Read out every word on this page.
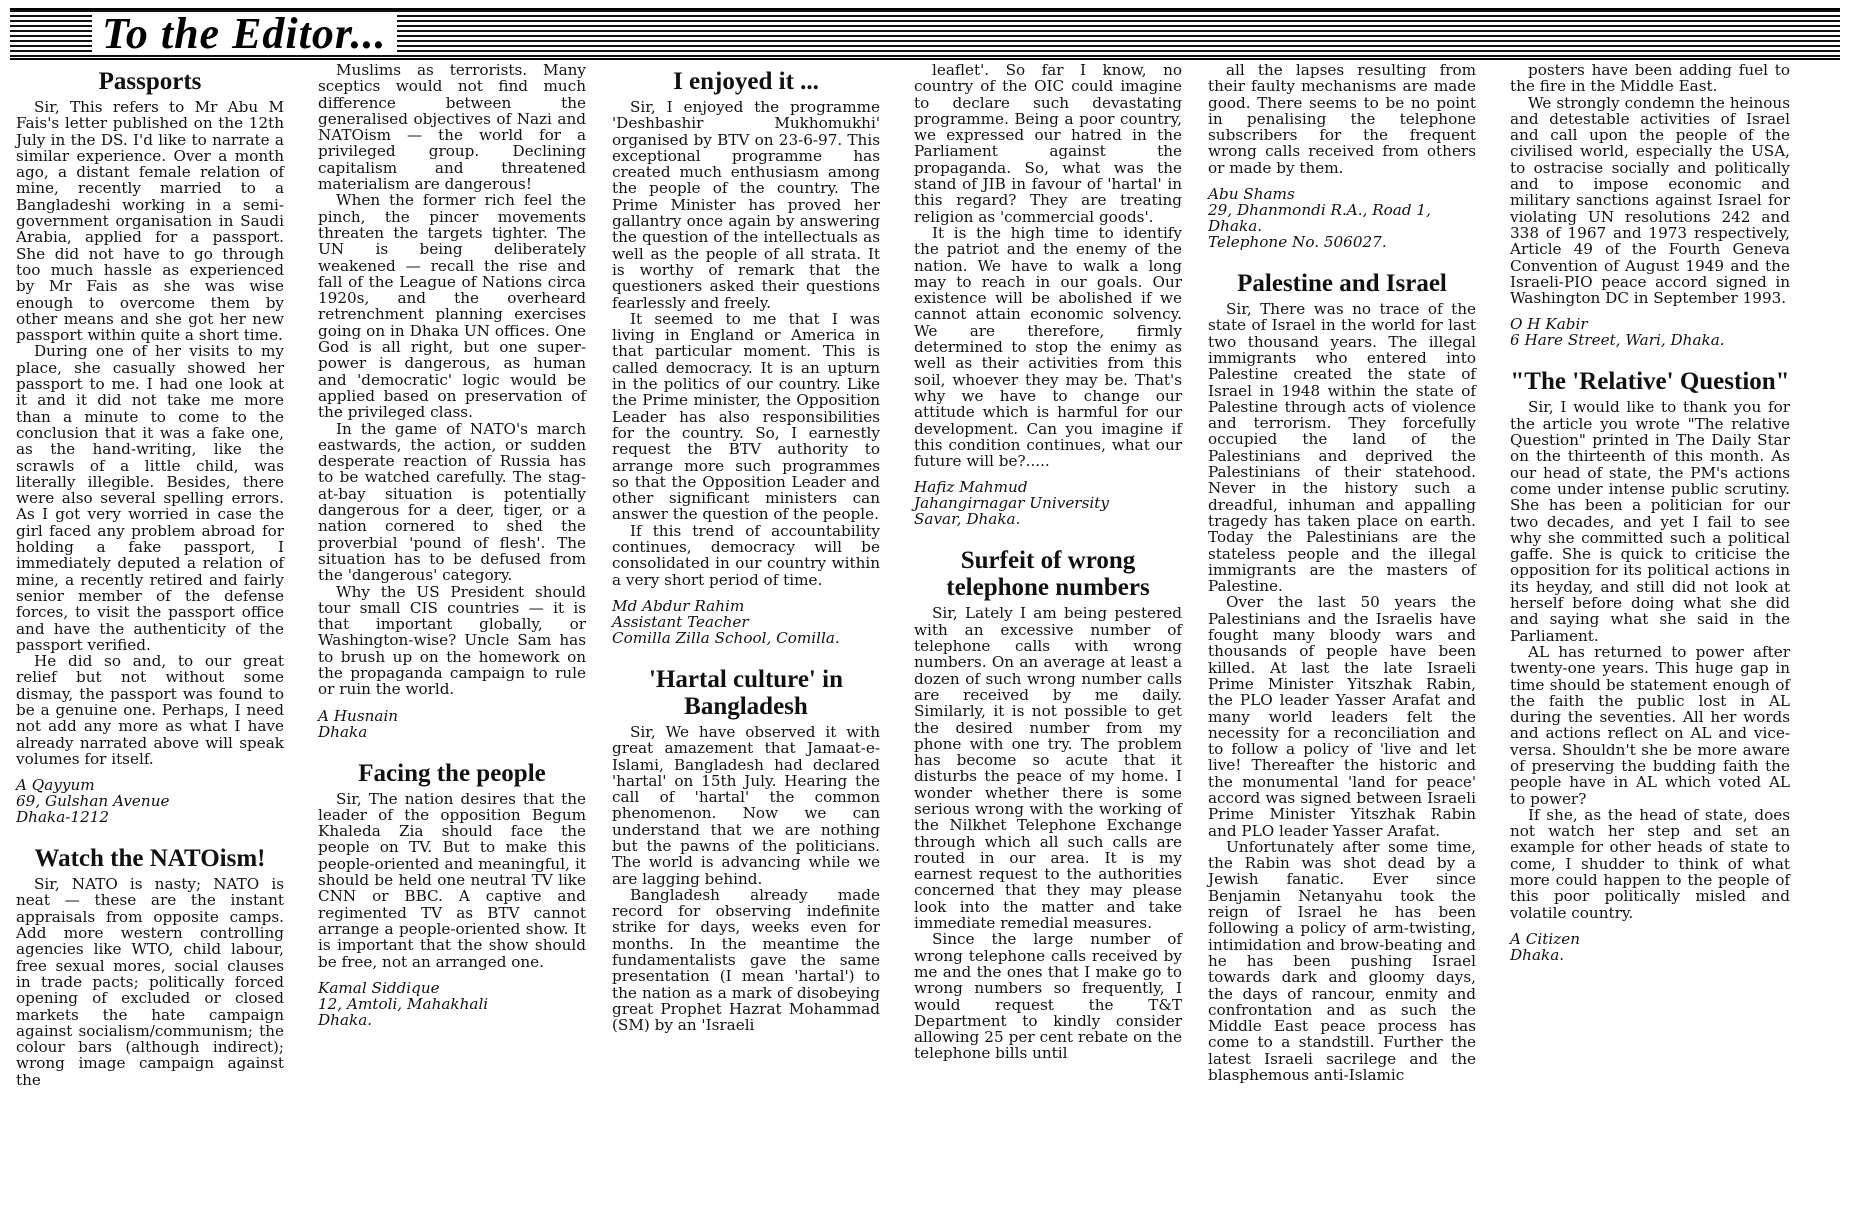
To the Editor...
Passports

Sir, This refers to Mr Abu M Fais's letter published on the 12th July in the DS. I'd like to narrate a similar experience. Over a month ago, a distant female relation of mine, recently married to a Bangladeshi working in a semi-government organisation in Saudi Arabia, applied for a passport. She did not have to go through too much hassle as experienced by Mr Fais as she was wise enough to overcome them by other means and she got her new passport within quite a short time.

During one of her visits to my place, she casually showed her passport to me. I had one look at it and it did not take me more than a minute to come to the conclusion that it was a fake one, as the hand-writing, like the scrawls of a little child, was literally illegible. Besides, there were also several spelling errors. As I got very worried in case the girl faced any problem abroad for holding a fake passport, I immediately deputed a relation of mine, a recently retired and fairly senior member of the defense forces, to visit the passport office and have the authenticity of the passport verified.

He did so and, to our great relief but not without some dismay, the passport was found to be a genuine one. Perhaps, I need not add any more as what I have already narrated above will speak volumes for itself.

A Qayyum
69, Gulshan Avenue
Dhaka-1212
Watch the NATOism!

Sir, NATO is nasty; NATO is neat — these are the instant appraisals from opposite camps. Add more western controlling agencies like WTO, child labour, free sexual mores, social clauses in trade pacts; politically forced opening of excluded or closed markets the hate campaign against socialism/communism; the colour bars (although indirect); wrong image campaign against the

Muslims as terrorists. Many sceptics would not find much difference between the generalised objectives of Nazi and NATOism — the world for a privileged group. Declining capitalism and threatened materialism are dangerous!

When the former rich feel the pinch, the pincer movements threaten the targets tighter. The UN is being deliberately weakened — recall the rise and fall of the League of Nations circa 1920s, and the overheard retrenchment planning exercises going on in Dhaka UN offices. One God is all right, but one super-power is dangerous, as human and 'democratic' logic would be applied based on preservation of the privileged class.

In the game of NATO's march eastwards, the action, or sudden desperate reaction of Russia has to be watched carefully. The stag-at-bay situation is potentially dangerous for a deer, tiger, or a nation cornered to shed the proverbial 'pound of flesh'. The situation has to be defused from the 'dangerous' category.

Why the US President should tour small CIS countries — it is that important globally, or Washington-wise? Uncle Sam has to brush up on the homework on the propaganda campaign to rule or ruin the world.

A Husnain
Dhaka
Facing the people

Sir, The nation desires that the leader of the opposition Begum Khaleda Zia should face the people on TV. But to make this people-oriented and meaningful, it should be held one neutral TV like CNN or BBC. A captive and regimented TV as BTV cannot arrange a people-oriented show. It is important that the show should be free, not an arranged one.

Kamal Siddique
12, Amtoli, Mahakhali
Dhaka.
I enjoyed it ...

Sir, I enjoyed the programme 'Deshbashir Mukhomukhi' organised by BTV on 23-6-97. This exceptional programme has created much enthusiasm among the people of the country. The Prime Minister has proved her gallantry once again by answering the question of the intellectuals as well as the people of all strata. It is worthy of remark that the questioners asked their questions fearlessly and freely.

It seemed to me that I was living in England or America in that particular moment. This is called democracy. It is an upturn in the politics of our country. Like the Prime minister, the Opposition Leader has also responsibilities for the country. So, I earnestly request the BTV authority to arrange more such programmes so that the Opposition Leader and other significant ministers can answer the question of the people.

If this trend of accountability continues, democracy will be consolidated in our country within a very short period of time.

Md Abdur Rahim
Assistant Teacher
Comilla Zilla School, Comilla.
'Hartal culture' in Bangladesh

Sir, We have observed it with great amazement that Jamaat-e-Islami, Bangladesh had declared 'hartal' on 15th July. Hearing the call of 'hartal' the common phenomenon. Now we can understand that we are nothing but the pawns of the politicians. The world is advancing while we are lagging behind.

Bangladesh already made record for observing indefinite strike for days, weeks even for months. In the meantime the fundamentalists gave the same presentation (I mean 'hartal') to the nation as a mark of disobeying great Prophet Hazrat Mohammad (SM) by an 'Israeli

leaflet'. So far I know, no country of the OIC could imagine to declare such devastating programme. Being a poor country, we expressed our hatred in the Parliament against the propaganda. So, what was the stand of JIB in favour of 'hartal' in this regard? They are treating religion as 'commercial goods'.

It is the high time to identify the patriot and the enemy of the nation. We have to walk a long may to reach in our goals. Our existence will be abolished if we cannot attain economic solvency. We are therefore, firmly determined to stop the enimy as well as their activities from this soil, whoever they may be. That's why we have to change our attitude which is harmful for our development. Can you imagine if this condition continues, what our future will be?.....

Hafiz Mahmud
Jahangirnagar University
Savar, Dhaka.
Surfeit of wrong telephone numbers

Sir, Lately I am being pestered with an excessive number of telephone calls with wrong numbers. On an average at least a dozen of such wrong number calls are received by me daily. Similarly, it is not possible to get the desired number from my phone with one try. The problem has become so acute that it disturbs the peace of my home. I wonder whether there is some serious wrong with the working of the Nilkhet Telephone Exchange through which all such calls are routed in our area. It is my earnest request to the authorities concerned that they may please look into the matter and take immediate remedial measures.

Since the large number of wrong telephone calls received by me and the ones that I make go to wrong numbers so frequently, I would request the T&T Department to kindly consider allowing 25 per cent rebate on the telephone bills until

all the lapses resulting from their faulty mechanisms are made good. There seems to be no point in penalising the telephone subscribers for the frequent wrong calls received from others or made by them.

Abu Shams
29, Dhanmondi R.A., Road 1,
Dhaka.
Telephone No. 506027.
Palestine and Israel

Sir, There was no trace of the state of Israel in the world for last two thousand years. The illegal immigrants who entered into Palestine created the state of Israel in 1948 within the state of Palestine through acts of violence and terrorism. They forcefully occupied the land of the Palestinians and deprived the Palestinians of their statehood. Never in the history such a dreadful, inhuman and appalling tragedy has taken place on earth. Today the Palestinians are the stateless people and the illegal immigrants are the masters of Palestine.

Over the last 50 years the Palestinians and the Israelis have fought many bloody wars and thousands of people have been killed. At last the late Israeli Prime Minister Yitszhak Rabin, the PLO leader Yasser Arafat and many world leaders felt the necessity for a reconciliation and to follow a policy of 'live and let live! Thereafter the historic and the monumental 'land for peace' accord was signed between Israeli Prime Minister Yitszhak Rabin and PLO leader Yasser Arafat.

Unfortunately after some time, the Rabin was shot dead by a Jewish fanatic. Ever since Benjamin Netanyahu took the reign of Israel he has been following a policy of arm-twisting, intimidation and brow-beating and he has been pushing Israel towards dark and gloomy days, the days of rancour, enmity and confrontation and as such the Middle East peace process has come to a standstill. Further the latest Israeli sacrilege and the blasphemous anti-Islamic

posters have been adding fuel to the fire in the Middle East.

We strongly condemn the heinous and detestable activities of Israel and call upon the people of the civilised world, especially the USA, to ostracise socially and politically and to impose economic and military sanctions against Israel for violating UN resolutions 242 and 338 of 1967 and 1973 respectively, Article 49 of the Fourth Geneva Convention of August 1949 and the Israeli-PIO peace accord signed in Washington DC in September 1993.

O H Kabir
6 Hare Street, Wari, Dhaka.
"The 'Relative' Question"

Sir, I would like to thank you for the article you wrote "The relative Question" printed in The Daily Star on the thirteenth of this month. As our head of state, the PM's actions come under intense public scrutiny. She has been a politician for our two decades, and yet I fail to see why she committed such a political gaffe. She is quick to criticise the opposition for its political actions in its heyday, and still did not look at herself before doing what she did and saying what she said in the Parliament.

AL has returned to power after twenty-one years. This huge gap in time should be statement enough of the faith the public lost in AL during the seventies. All her words and actions reflect on AL and vice-versa. Shouldn't she be more aware of preserving the budding faith the people have in AL which voted AL to power?

If she, as the head of state, does not watch her step and set an example for other heads of state to come, I shudder to think of what more could happen to the people of this poor politically misled and volatile country.

A Citizen
Dhaka.
